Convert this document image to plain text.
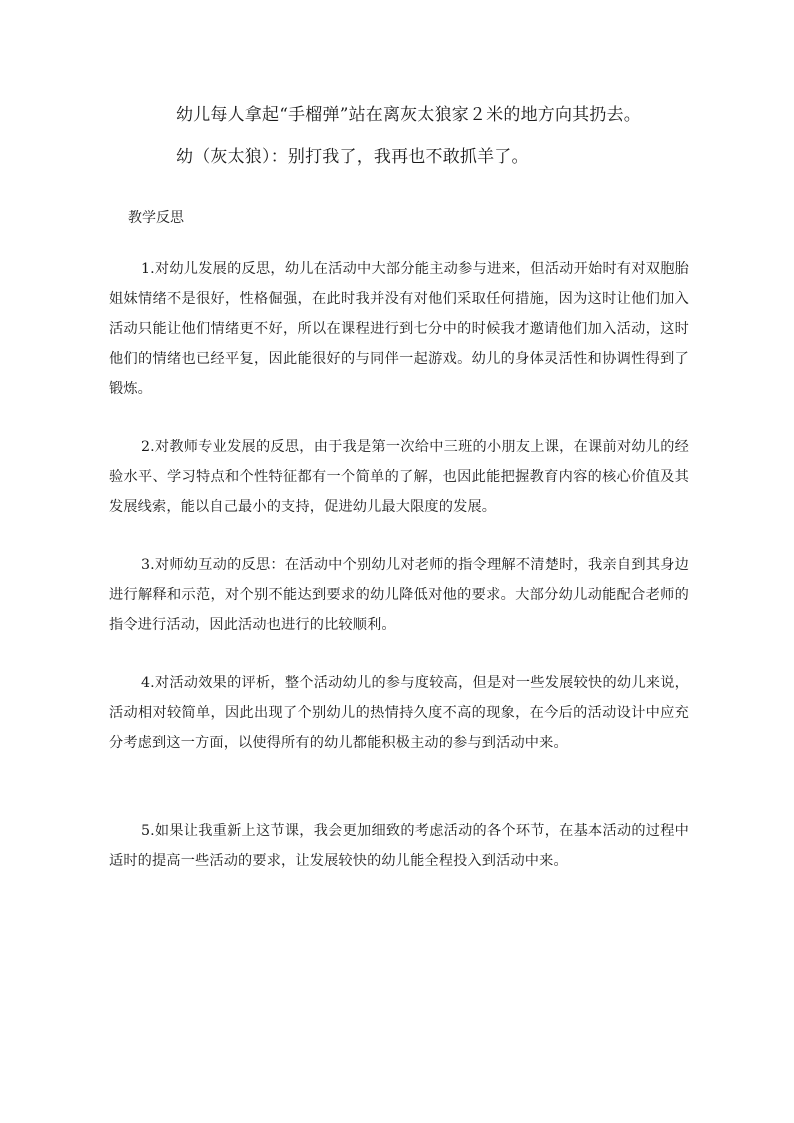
幼儿每人拿起“手榴弹”站在离灰太狼家２米的地方向其扔去。
幼（灰太狼）：别打我了，我再也不敢抓羊了。
教学反思

1.对幼儿发展的反思，幼儿在活动中大部分能主动参与进来，但活动开始时有对双胞胎姐妹情绪不是很好，性格倔强，在此时我并没有对他们采取任何措施，因为这时让他们加入活动只能让他们情绪更不好，所以在课程进行到七分中的时候我才邀请他们加入活动，这时他们的情绪也已经平复，因此能很好的与同伴一起游戏。幼儿的身体灵活性和协调性得到了锻炼。

2.对教师专业发展的反思，由于我是第一次给中三班的小朋友上课，在课前对幼儿的经验水平、学习特点和个性特征都有一个简单的了解，也因此能把握教育内容的核心价值及其发展线索，能以自己最小的支持，促进幼儿最大限度的发展。

3.对师幼互动的反思：在活动中个别幼儿对老师的指令理解不清楚时，我亲自到其身边进行解释和示范，对个别不能达到要求的幼儿降低对他的要求。大部分幼儿动能配合老师的指令进行活动，因此活动也进行的比较顺利。

4.对活动效果的评析，整个活动幼儿的参与度较高，但是对一些发展较快的幼儿来说，活动相对较简单，因此出现了个别幼儿的热情持久度不高的现象，在今后的活动设计中应充分考虑到这一方面，以使得所有的幼儿都能积极主动的参与到活动中来。

5.如果让我重新上这节课，我会更加细致的考虑活动的各个环节，在基本活动的过程中适时的提高一些活动的要求，让发展较快的幼儿能全程投入到活动中来。
